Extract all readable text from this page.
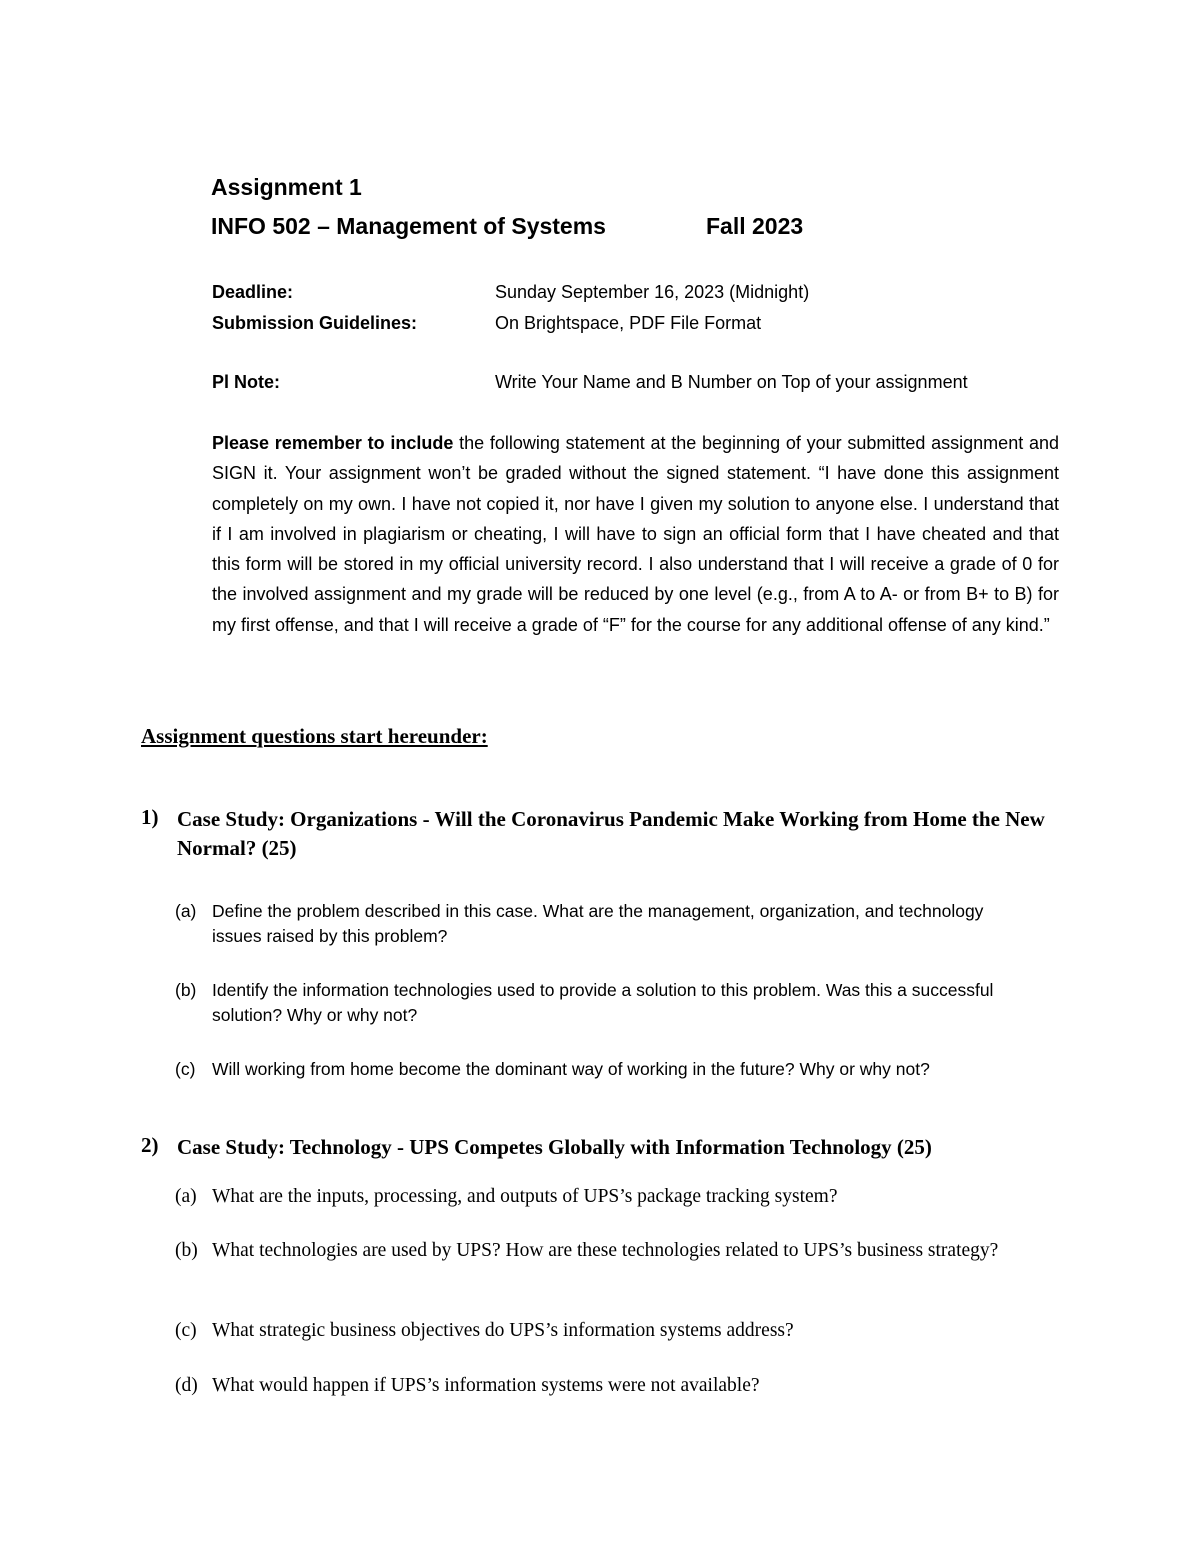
Assignment 1
INFO 502 – Management of Systems	Fall 2023
Deadline:	Sunday September 16, 2023 (Midnight)
Submission Guidelines:	On Brightspace, PDF File Format
Pl Note:	Write Your Name and B Number on Top of your assignment
Please remember to include the following statement at the beginning of your submitted assignment and SIGN it. Your assignment won’t be graded without the signed statement. “I have done this assignment completely on my own. I have not copied it, nor have I given my solution to anyone else. I understand that if I am involved in plagiarism or cheating, I will have to sign an official form that I have cheated and that this form will be stored in my official university record. I also understand that I will receive a grade of 0 for the involved assignment and my grade will be reduced by one level (e.g., from A to A- or from B+ to B) for my first offense, and that I will receive a grade of “F” for the course for any additional offense of any kind.”
Assignment questions start hereunder:
1) Case Study: Organizations - Will the Coronavirus Pandemic Make Working from Home the New Normal? (25)
(a) Define the problem described in this case. What are the management, organization, and technology issues raised by this problem?
(b) Identify the information technologies used to provide a solution to this problem. Was this a successful solution? Why or why not?
(c) Will working from home become the dominant way of working in the future? Why or why not?
2) Case Study: Technology - UPS Competes Globally with Information Technology (25)
(a) What are the inputs, processing, and outputs of UPS’s package tracking system?
(b) What technologies are used by UPS? How are these technologies related to UPS’s business strategy?
(c) What strategic business objectives do UPS’s information systems address?
(d) What would happen if UPS’s information systems were not available?
